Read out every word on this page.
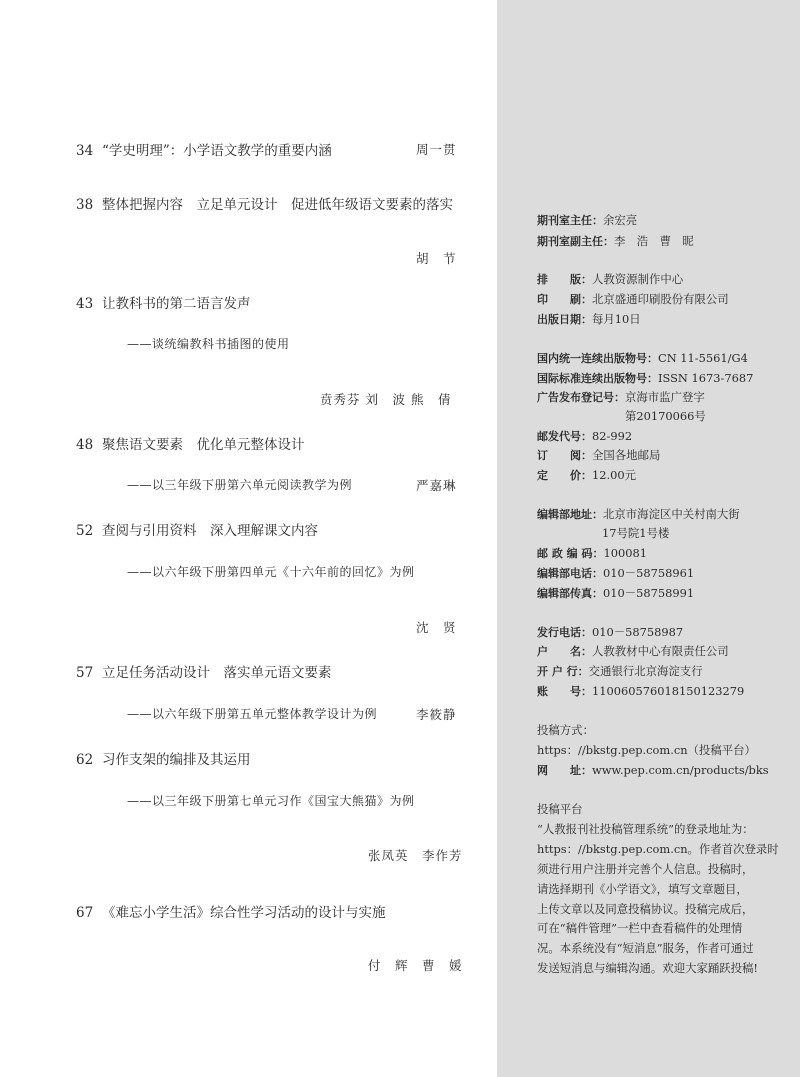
34 “学史明理”：小学语文教学的重要内涵	周一贯
38 整体把握内容　立足单元设计　促进低年级语文要素的落实
胡　节
43 让教科书的第二语言发声
——谈统编教科书插图的使用
贲秀芬 刘　波 熊　倩
48 聚焦语文要素　优化单元整体设计
——以三年级下册第六单元阅读教学为例	严嘉琳
52 查阅与引用资料　深入理解课文内容
——以六年级下册第四单元《十六年前的回忆》为例
沈　贤
57 立足任务活动设计　落实单元语文要素
——以六年级下册第五单元整体教学设计为例	李筱静
62 习作支架的编排及其运用
——以三年级下册第七单元习作《国宝大熊猫》为例
张凤英　李作芳
67 《难忘小学生活》综合性学习活动的设计与实施
付　辉　曹　媛
期刊室主任：余宏亮
期刊室副主任：李　浩　曹　昵
排　　版：人教资源制作中心
印　　刷：北京盛通印刷股份有限公司
出版日期：每月10日
国内统一连续出版物号：CN 11-5561/G4
国际标准连续出版物号：ISSN 1673-7687
广告发布登记号：京海市监广登字
第20170066号
邮发代号：82-992
订　　阅：全国各地邮局
定　　价：12.00元
编辑部地址：北京市海淀区中关村南大街
17号院1号楼
邮 政 编 码：100081
编辑部电话：010－58758961
编辑部传真：010－58758991
发行电话：010－58758987
户　　名：人教教材中心有限责任公司
开 户 行：交通银行北京海淀支行
账　　号：110060576018150123279
投稿方式：
https：//bkstg.pep.com.cn（投稿平台）
网　　址：www.pep.com.cn/products/bks
投稿平台
“人教报刊社投稿管理系统”的登录地址为：
https：//bkstg.pep.com.cn。作者首次登录时
须进行用户注册并完善个人信息。投稿时，
请选择期刊《小学语文》，填写文章题目，
上传文章以及同意投稿协议。投稿完成后，
可在“稿件管理”一栏中查看稿件的处理情
况。本系统没有“短消息”服务，作者可通过
发送短消息与编辑沟通。欢迎大家踊跃投稿!
